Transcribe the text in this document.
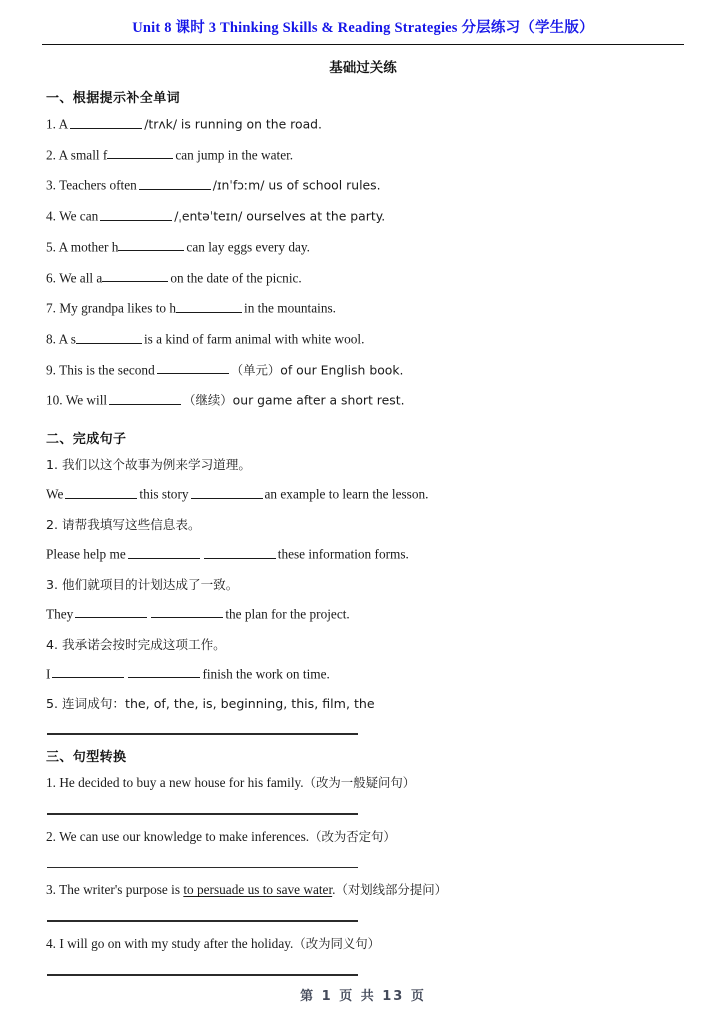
Unit 8 课时 3 Thinking Skills & Reading Strategies 分层练习（学生版）
基础过关练
一、根据提示补全单词
1. A	/trʌk/ is running on the road.
2. A small f	can jump in the water.
3. Teachers often	/ɪnˈfɔːm/ us of school rules.
4. We can	/ˌentəˈteɪn/ ourselves at the party.
5. A mother h	can lay eggs every day.
6. We all a	on the date of the picnic.
7. My grandpa likes to h	in the mountains.
8. A s	is a kind of farm animal with white wool.
9. This is the second	（单元）of our English book.
10. We will	（继续）our game after a short rest.
二、完成句子
1. 我们以这个故事为例来学习道理。
We	this story	an example to learn the lesson.
2. 请帮我填写这些信息表。
Please help me	these information forms.
3. 他们就项目的计划达成了一致。
They	the plan for the project.
4. 我承诺会按时完成这项工作。
I	finish the work on time.
5. 连词成句：the, of, the, is, beginning, this, film, the
三、句型转换
1. He decided to buy a new house for his family.（改为一般疑问句）
2. We can use our knowledge to make inferences.（改为否定句）
3. The writer's purpose is to persuade us to save water.（对划线部分提问）
4. I will go on with my study after the holiday.（改为同义句）
第 1 页 共 13 页
